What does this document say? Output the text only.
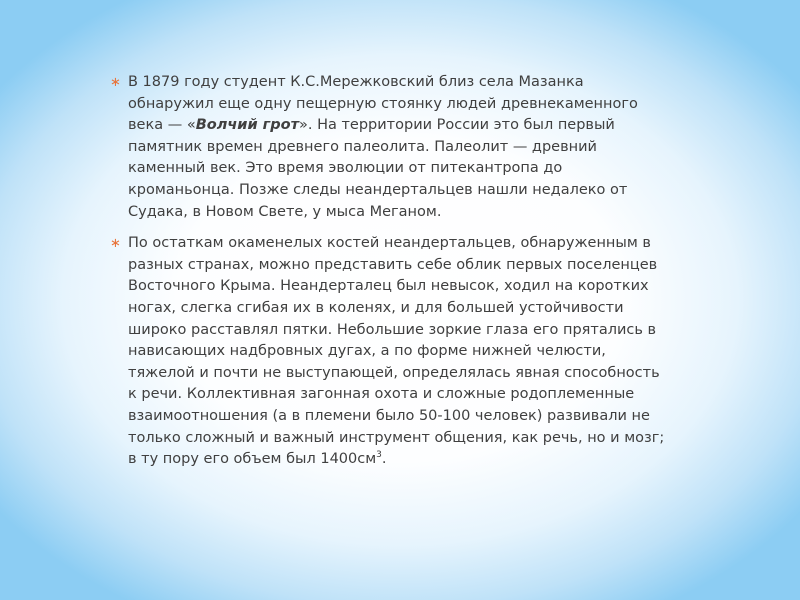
∗ В 1879 году студент К.С.Мережковский близ села Мазанка обнаружил еще одну пещерную стоянку людей древнекаменного века — «Волчий грот». На территории России это был первый памятник времен древнего палеолита. Палеолит — древний каменный век. Это время эволюции от питекантропа до кроманьонца. Позже следы неандертальцев нашли недалеко от Судака, в Новом Свете, у мыса Меганом.

∗ По остаткам окаменелых костей неандертальцев, обнаруженным в разных странах, можно представить себе облик первых поселенцев Восточного Крыма. Неандерталец был невысок, ходил на коротких ногах, слегка сгибая их в коленях, и для большей устойчивости широко расставлял пятки. Небольшие зоркие глаза его прятались в нависающих надбровных дугах, а по форме нижней челюсти, тяжелой и почти не выступающей, определялась явная способность к речи. Коллективная загонная охота и сложные родоплеменные взаимоотношения (а в племени было 50-100 человек) развивали не только сложный и важный инструмент общения, как речь, но и мозг; в ту пору его объем был $1400см^3$.
